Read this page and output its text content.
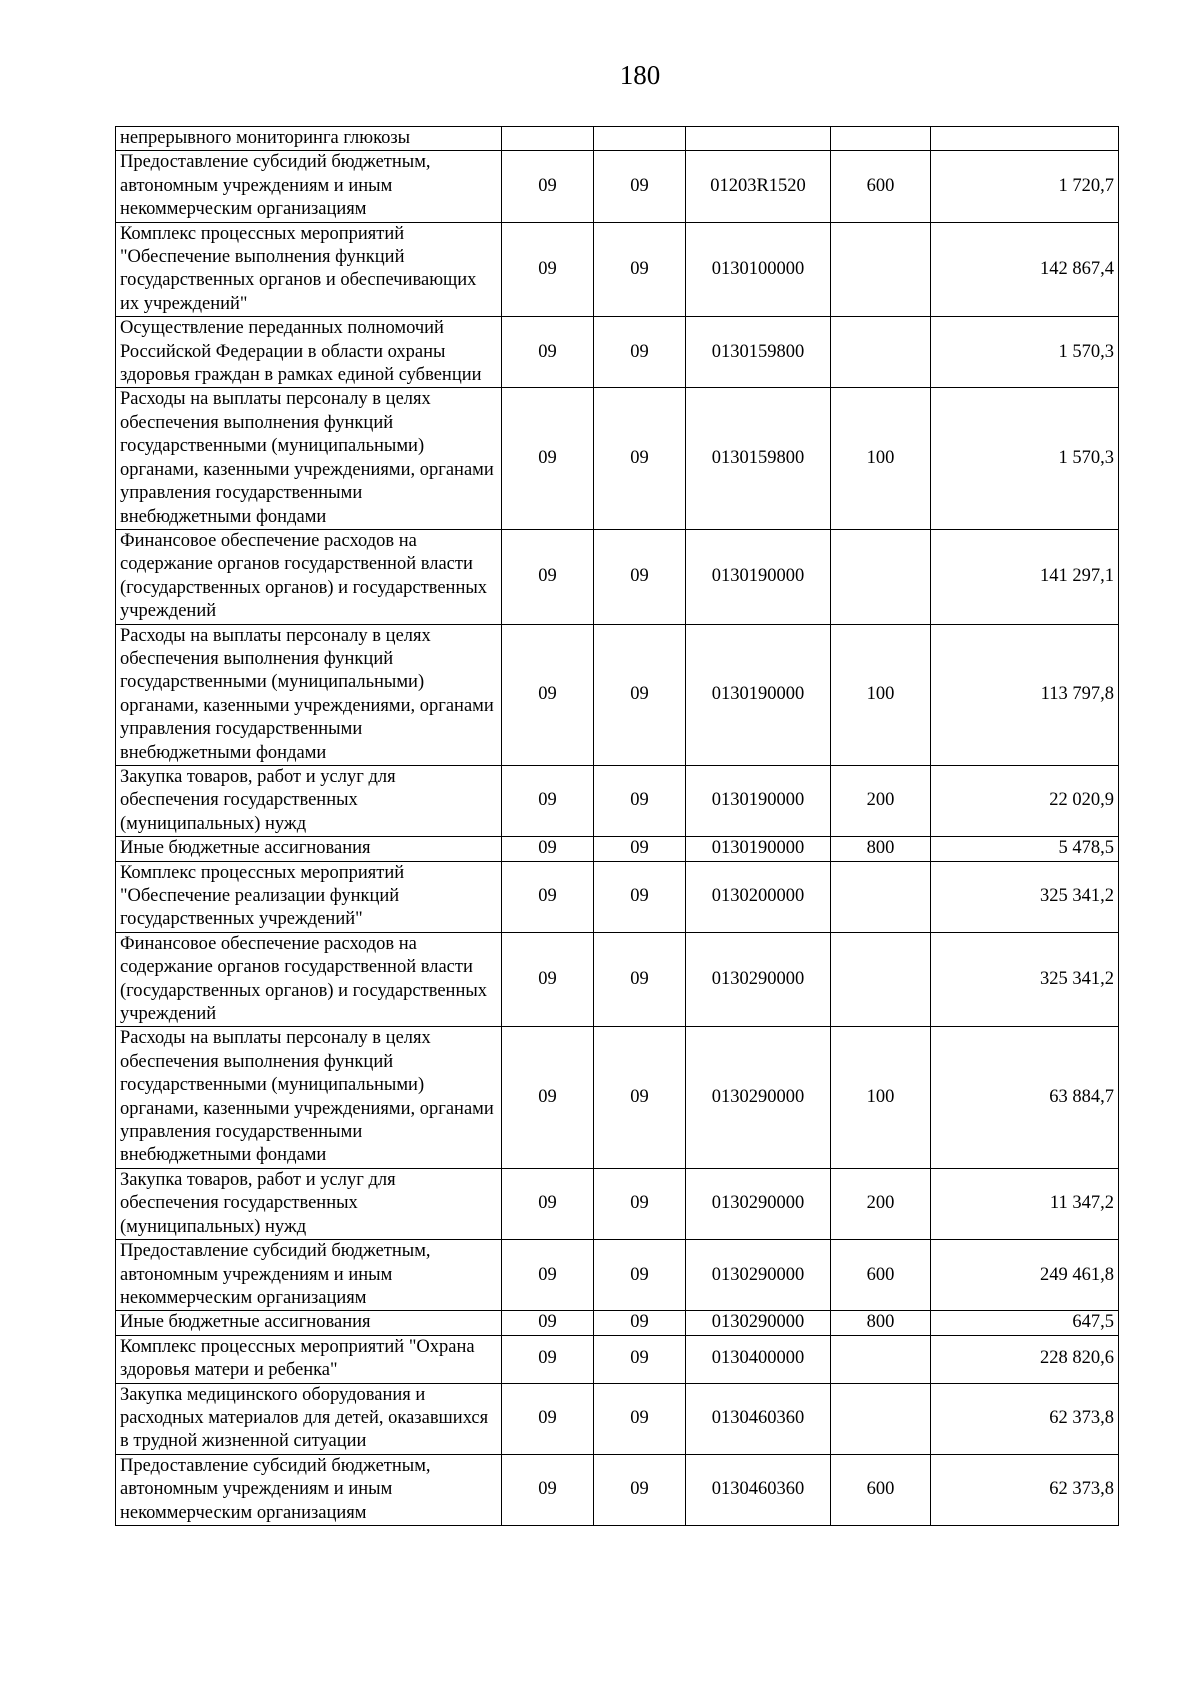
180
непрерывного мониторинга глюкозы					
Предоставление субсидий бюджетным, автономным учреждениям и иным некоммерческим организациям	09	09	01203R1520	600	1 720,7
Комплекс процессных мероприятий "Обеспечение выполнения функций государственных органов и обеспечивающих их учреждений"	09	09	0130100000		142 867,4
Осуществление переданных полномочий Российской Федерации в области охраны здоровья граждан в рамках единой субвенции	09	09	0130159800		1 570,3
Расходы на выплаты персоналу в целях обеспечения выполнения функций государственными (муниципальными) органами, казенными учреждениями, органами управления государственными внебюджетными фондами	09	09	0130159800	100	1 570,3
Финансовое обеспечение расходов на содержание органов государственной власти (государственных органов) и государственных учреждений	09	09	0130190000		141 297,1
Расходы на выплаты персоналу в целях обеспечения выполнения функций государственными (муниципальными) органами, казенными учреждениями, органами управления государственными внебюджетными фондами	09	09	0130190000	100	113 797,8
Закупка товаров, работ и услуг для обеспечения государственных (муниципальных) нужд	09	09	0130190000	200	22 020,9
Иные бюджетные ассигнования	09	09	0130190000	800	5 478,5
Комплекс процессных мероприятий "Обеспечение реализации функций государственных учреждений"	09	09	0130200000		325 341,2
Финансовое обеспечение расходов на содержание органов государственной власти (государственных органов) и государственных учреждений	09	09	0130290000		325 341,2
Расходы на выплаты персоналу в целях обеспечения выполнения функций государственными (муниципальными) органами, казенными учреждениями, органами управления государственными внебюджетными фондами	09	09	0130290000	100	63 884,7
Закупка товаров, работ и услуг для обеспечения государственных (муниципальных) нужд	09	09	0130290000	200	11 347,2
Предоставление субсидий бюджетным, автономным учреждениям и иным некоммерческим организациям	09	09	0130290000	600	249 461,8
Иные бюджетные ассигнования	09	09	0130290000	800	647,5
Комплекс процессных мероприятий "Охрана здоровья матери и ребенка"	09	09	0130400000		228 820,6
Закупка медицинского оборудования и расходных материалов для детей, оказавшихся в трудной жизненной ситуации	09	09	0130460360		62 373,8
Предоставление субсидий бюджетным, автономным учреждениям и иным некоммерческим организациям	09	09	0130460360	600	62 373,8
